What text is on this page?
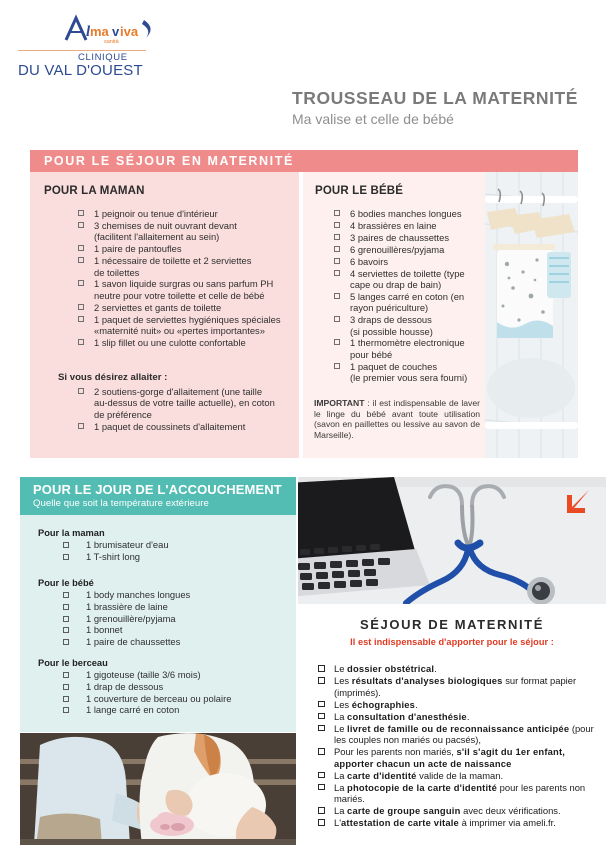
l ma v iva
sanità
CLINIQUE
DU VAL D'OUEST
TROUSSEAU DE LA MATERNITÉ

Ma valise et celle de bébé

POUR LE SÉJOUR EN MATERNITÉ
POUR LA MAMAN
1 peignoir ou tenue d'intérieur
3 chemises de nuit ouvrant devant
(facilitent l'allaitement au sein)
1 paire de pantoufles
1 nécessaire de toilette et 2 serviettes
de toilettes
1 savon liquide surgras ou sans parfum PH
neutre pour votre toilette et celle de bébé
2 serviettes et gants de toilette
1 paquet de serviettes hygiéniques spéciales
«maternité nuit» ou «pertes importantes»
1 slip fillet ou une culotte confortable
Si vous désirez allaiter :
2 soutiens-gorge d'allaitement (une taille
au-dessus de votre taille actuelle), en coton
de préférence
1 paquet de coussinets d'allaitement
POUR LE BÉBÉ
6 bodies manches longues
4 brassières en laine
3 paires de chaussettes
6 grenouillères/pyjama
6 bavoirs
4 serviettes de toilette (type
cape ou drap de bain)
5 langes carré en coton (en
rayon puériculture)
3 draps de dessous
(si possible housse)
1 thermomètre electronique
pour bébé
1 paquet de couches
(le premier vous sera fourni)
IMPORTANT : il est indispensable de laver le linge du bébé avant toute utilisation (savon en paillettes ou lessive au savon de Marseille).
POUR LE JOUR DE L'ACCOUCHEMENT
Quelle que soit la température extérieure
Pour la maman
1 brumisateur d'eau
1 T-shirt long
Pour le bébé
1 body manches longues
1 brassière de laine
1 grenouillère/pyjama
1 bonnet
1 paire de chaussettes
Pour le berceau
1 gigoteuse (taille 3/6 mois)
1 drap de dessous
1 couverture de berceau ou polaire
1 lange carré en coton
SÉJOUR DE MATERNITÉ
Il est indispensable d'apporter pour le séjour :
Le dossier obstétrical.
Les résultats d'analyses biologiques sur format papier (imprimés).
Les échographies.
La consultation d'anesthésie.
Le livret de famille ou de reconnaissance anticipée (pour les couples non mariés ou pacsés),
Pour les parents non mariés, s'il s'agit du 1er enfant, apporter chacun un acte de naissance
La carte d'identité valide de la maman.
La photocopie de la carte d'identité pour les parents non mariés.
La carte de groupe sanguin avec deux vérifications.
L'attestation de carte vitale à imprimer via ameli.fr.
